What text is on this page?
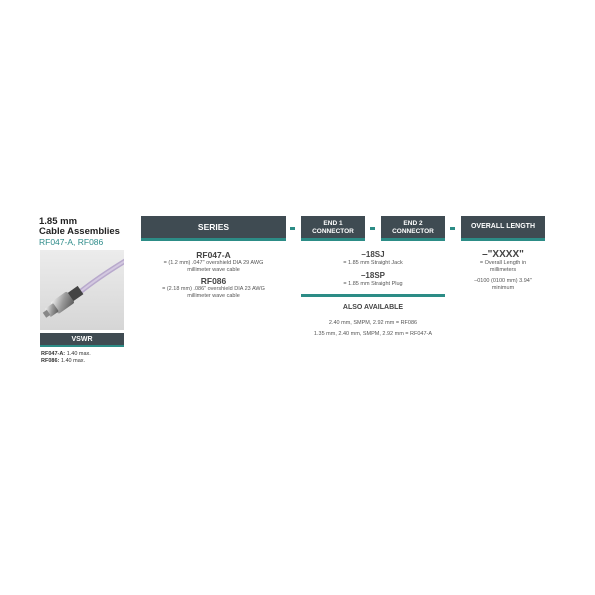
1.85 mm
Cable Assemblies
RF047-A, RF086
VSWR
RF047-A: 1.40 max.
RF086: 1.40 max.
SERIES	END 1
CONNECTOR
END 2
CONNECTOR
OVERALL LENGTH
RF047-A
= (1.2 mm) .047" overshield DIA 29 AWG
millimeter wave cable
RF086
= (2.18 mm) .086" overshield DIA 23 AWG
millimeter wave cable
–18SJ
= 1.85 mm Straight Jack
–18SP
= 1.85 mm Straight Plug
–"XXXX"
= Overall Length in
millimeters
–0100 (0100 mm) 3.94"
minimum
ALSO AVAILABLE
2.40 mm, SMPM, 2.92 mm = RF086
1.35 mm, 2.40 mm, SMPM, 2.92 mm = RF047-A
